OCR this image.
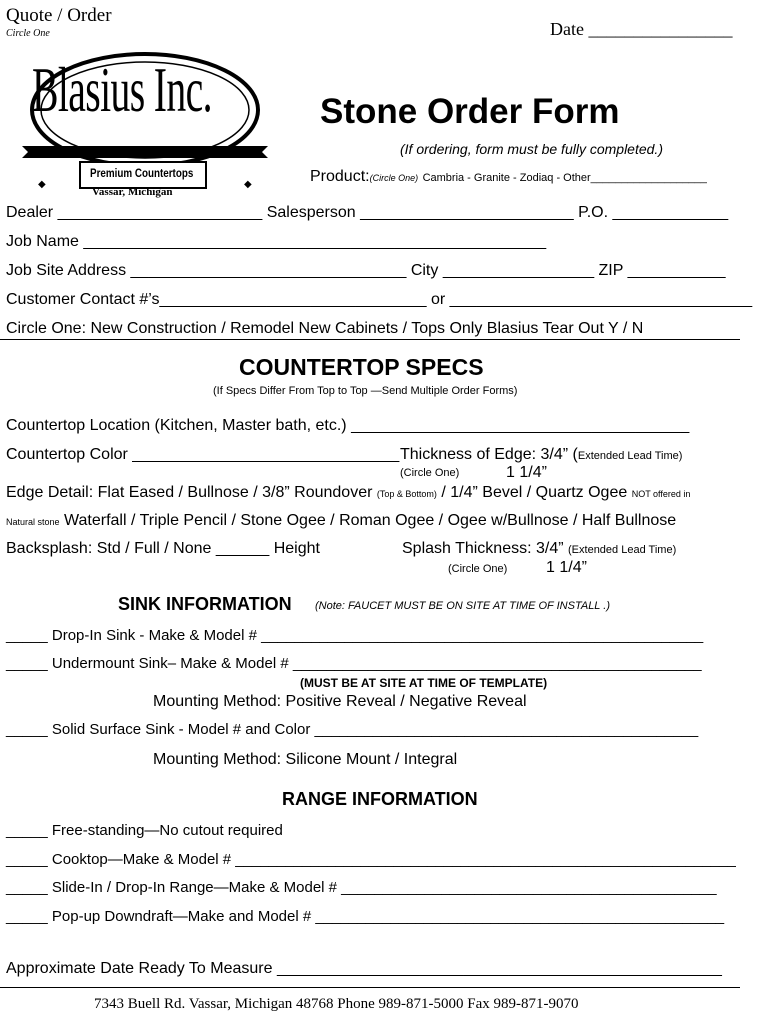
Quote / Order
Circle One	Date ________________
◆	◆
Blasius Inc.
Premium Countertops
Vassar, Michigan
Stone Order Form
(If ordering, form must be fully completed.)
Product:(Circle One) Cambria - Granite - Zodiaq - Other___________________
Dealer _______________________ Salesperson ________________________ P.O. _____________
Job Name ____________________________________________________
Job Site Address _______________________________ City _________________ ZIP ___________
Customer Contact #’s______________________________ or __________________________________
Circle One: New Construction / Remodel New Cabinets / Tops Only Blasius Tear Out Y / N
COUNTERTOP SPECS
(If Specs Differ From Top to Top —Send Multiple Order Forms)
Countertop Location (Kitchen, Master bath, etc.) ______________________________________
Countertop Color ______________________________ Thickness of Edge: 3/4” (Extended Lead Time)
(Circle One)	1 1/4”
Edge Detail: Flat Eased / Bullnose / 3/8” Roundover (Top & Bottom) / 1/4” Bevel / Quartz Ogee NOT offered in
Natural stone Waterfall / Triple Pencil / Stone Ogee / Roman Ogee / Ogee w/Bullnose / Half Bullnose
Backsplash: Std / Full / None ______ Height	Splash Thickness: 3/4” (Extended Lead Time)
(Circle One) 1 1/4”
SINK INFORMATION (Note: FAUCET MUST BE ON SITE AT TIME OF INSTALL .)
_____ Drop-In Sink - Make & Model # _____________________________________________________
_____ Undermount Sink– Make & Model # _________________________________________________
(MUST BE AT SITE AT TIME OF TEMPLATE)
Mounting Method: Positive Reveal / Negative Reveal
_____ Solid Surface Sink - Model # and Color ______________________________________________
Mounting Method: Silicone Mount / Integral
RANGE INFORMATION
_____ Free-standing—No cutout required
_____ Cooktop—Make & Model # ____________________________________________________________
_____ Slide-In / Drop-In Range—Make & Model # _____________________________________________
_____ Pop-up Downdraft—Make and Model # _________________________________________________
Approximate Date Ready To Measure __________________________________________________
7343 Buell Rd. Vassar, Michigan 48768 Phone 989-871-5000 Fax 989-871-9070
